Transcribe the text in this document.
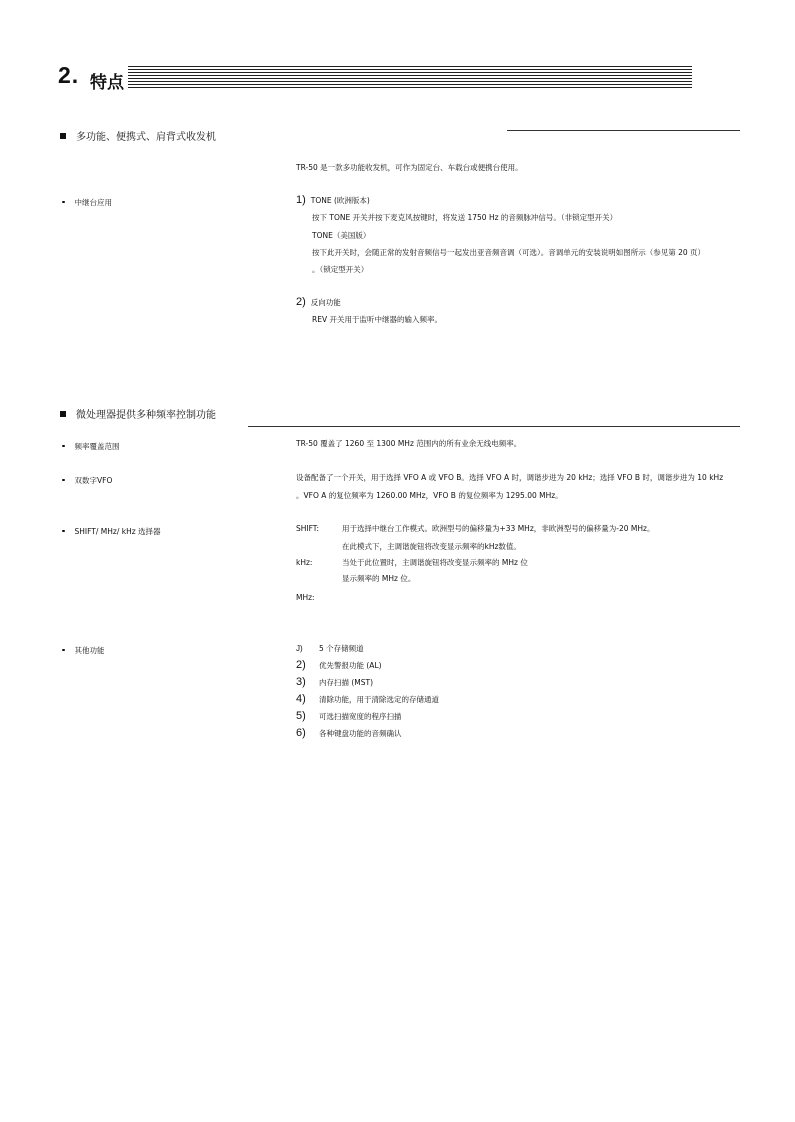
2. 特点
多功能、便携式、肩背式收发机
TR-50 是一款多功能收发机，可作为固定台、车载台或便携台使用。
中继台应用	1) TONE (欧洲版本)
按下 TONE 开关并按下麦克风按键时，将发送 1750 Hz 的音频脉冲信号。（非锁定型开关）
TONE（美国版）
按下此开关时，会随正常的发射音频信号一起发出亚音频音调（可选）。音调单元的安装说明如图所示（参见第 20 页）
。（锁定型开关）
2) 反向功能
REV 开关用于监听中继器的输入频率。
微处理器提供多种频率控制功能
频率覆盖范围	TR-50 覆盖了 1260 至 1300 MHz 范围内的所有业余无线电频率。
双数字VFO	设备配备了一个开关，用于选择 VFO A 或 VFO B。选择 VFO A 时，调谐步进为 20 kHz；选择 VFO B 时，调谐步进为 10 kHz
。VFO A 的复位频率为 1260.00 MHz，VFO B 的复位频率为 1295.00 MHz。
SHIFT/ MHz/ kHz 选择器	SHIFT:	用于选择中继台工作模式。欧洲型号的偏移量为+33 MHz，非欧洲型号的偏移量为-20 MHz。
在此模式下，主调谐旋钮将改变显示频率的kHz数值。
kHz:	当处于此位置时，主调谐旋钮将改变显示频率的 MHz 位
显示频率的 MHz 位。
MHz:
其他功能	J) 5 个存储频道
2) 优先警报功能 (AL)
3) 内存扫描 (MST)
4) 清除功能，用于清除选定的存储通道
5) 可选扫描宽度的程序扫描
6) 各种键盘功能的音频确认
